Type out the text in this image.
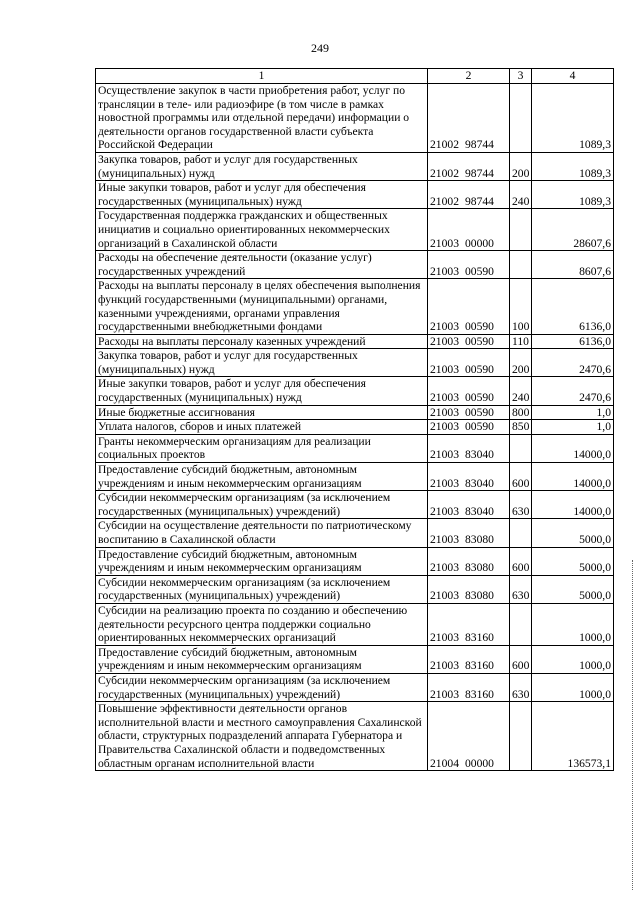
249
1	2	3	4
Осуществление закупок в части приобретения работ, услуг по трансляции в теле- или радиоэфире (в том числе в рамках новостной программы или отдельной передачи) информации о деятельности органов государственной власти субъекта Российской Федерации	21002 98744		1089,3
Закупка товаров, работ и услуг для государственных (муниципальных) нужд	21002 98744	200	1089,3
Иные закупки товаров, работ и услуг для обеспечения государственных (муниципальных) нужд	21002 98744	240	1089,3
Государственная поддержка гражданских и общественных инициатив и социально ориентированных некоммерческих организаций в Сахалинской области	21003 00000		28607,6
Расходы на обеспечение деятельности (оказание услуг) государственных учреждений	21003 00590		8607,6
Расходы на выплаты персоналу в целях обеспечения выполнения функций государственными (муниципальными) органами, казенными учреждениями, органами управления государственными внебюджетными фондами	21003 00590	100	6136,0
Расходы на выплаты персоналу казенных учреждений	21003 00590	110	6136,0
Закупка товаров, работ и услуг для государственных (муниципальных) нужд	21003 00590	200	2470,6
Иные закупки товаров, работ и услуг для обеспечения государственных (муниципальных) нужд	21003 00590	240	2470,6
Иные бюджетные ассигнования	21003 00590	800	1,0
Уплата налогов, сборов и иных платежей	21003 00590	850	1,0
Гранты некоммерческим организациям для реализации социальных проектов	21003 83040		14000,0
Предоставление субсидий бюджетным, автономным учреждениям и иным некоммерческим организациям	21003 83040	600	14000,0
Субсидии некоммерческим организациям (за исключением государственных (муниципальных) учреждений)	21003 83040	630	14000,0
Субсидии на осуществление деятельности по патриотическому воспитанию в Сахалинской области	21003 83080		5000,0
Предоставление субсидий бюджетным, автономным учреждениям и иным некоммерческим организациям	21003 83080	600	5000,0
Субсидии некоммерческим организациям (за исключением государственных (муниципальных) учреждений)	21003 83080	630	5000,0
Субсидии на реализацию проекта по созданию и обеспечению деятельности ресурсного центра поддержки социально ориентированных некоммерческих организаций	21003 83160		1000,0
Предоставление субсидий бюджетным, автономным учреждениям и иным некоммерческим организациям	21003 83160	600	1000,0
Субсидии некоммерческим организациям (за исключением государственных (муниципальных) учреждений)	21003 83160	630	1000,0
Повышение эффективности деятельности органов исполнительной власти и местного самоуправления Сахалинской области, структурных подразделений аппарата Губернатора и Правительства Сахалинской области и подведомственных областным органам исполнительной власти	21004 00000		136573,1
